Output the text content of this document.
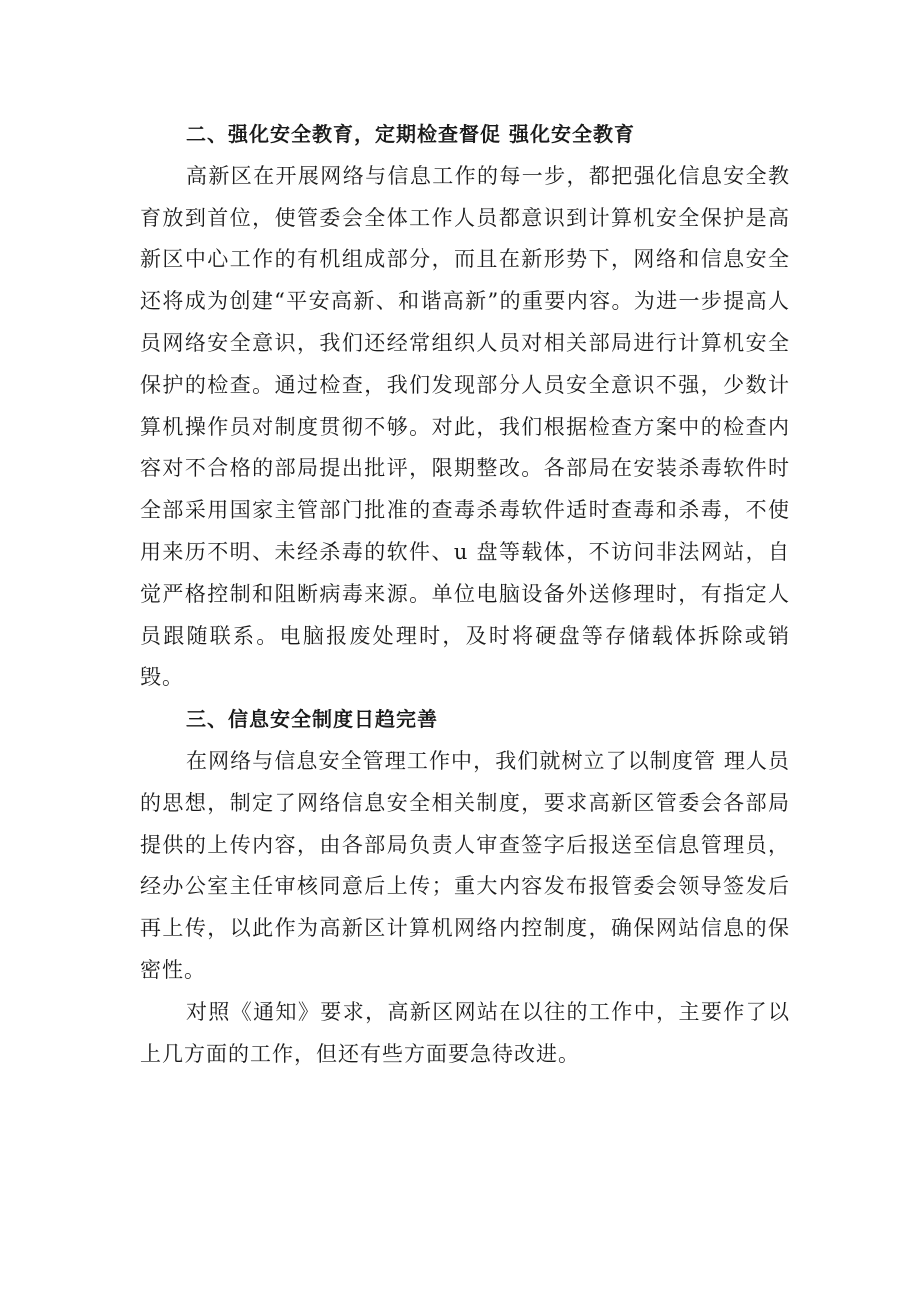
二、强化安全教育，定期检查督促 强化安全教育

高新区在开展网络与信息工作的每一步，都把强化信息安全教育放到首位，使管委会全体工作人员都意识到计算机安全保护是高新区中心工作的有机组成部分，而且在新形势下，网络和信息安全还将成为创建“平安高新、和谐高新”的重要内容。为进一步提高人员网络安全意识，我们还经常组织人员对相关部局进行计算机安全保护的检查。通过检查，我们发现部分人员安全意识不强，少数计算机操作员对制度贯彻不够。对此，我们根据检查方案中的检查内容对不合格的部局提出批评，限期整改。各部局在安装杀毒软件时全部采用国家主管部门批准的查毒杀毒软件适时查毒和杀毒，不使用来历不明、未经杀毒的软件、u 盘等载体，不访问非法网站，自觉严格控制和阻断病毒来源。单位电脑设备外送修理时，有指定人员跟随联系。电脑报废处理时，及时将硬盘等存储载体拆除或销毁。

三、信息安全制度日趋完善

在网络与信息安全管理工作中，我们就树立了以制度管 理人员的思想，制定了网络信息安全相关制度，要求高新区管委会各部局提供的上传内容，由各部局负责人审查签字后报送至信息管理员，经办公室主任审核同意后上传；重大内容发布报管委会领导签发后再上传，以此作为高新区计算机网络内控制度，确保网站信息的保密性。

对照《通知》要求，高新区网站在以往的工作中，主要作了以上几方面的工作，但还有些方面要急待改进。
